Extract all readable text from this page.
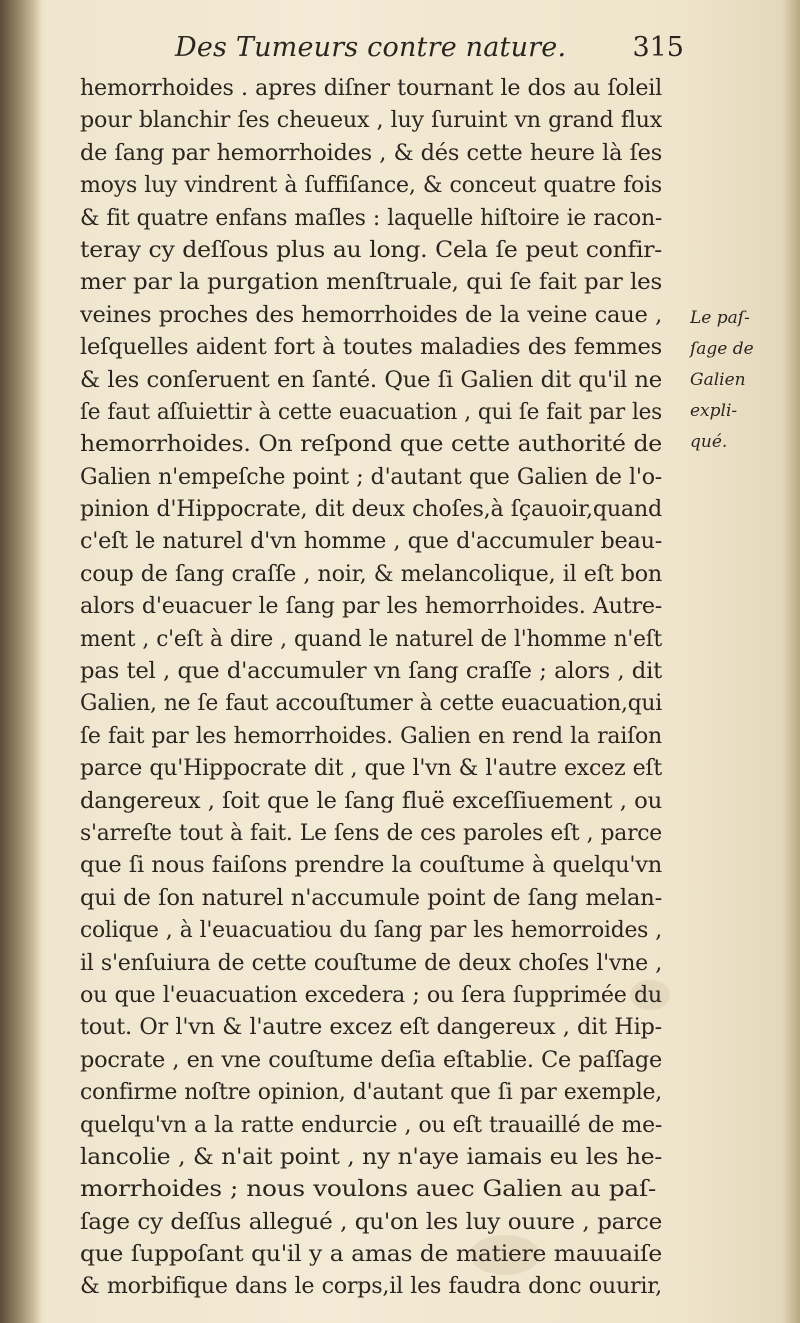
Des Tumeurs contre nature. 315
hemorrhoides . apres diſner tournant le dos au ſoleil
pour blanchir ſes cheueux , luy ſuruint vn grand flux
de ſang par hemorrhoides , & dés cette heure là ſes
moys luy vindrent à ſuffiſance, & conceut quatre fois
& fit quatre enfans maſles : laquelle hiſtoire ie racon-
teray cy deſſous plus au long. Cela ſe peut confir-
mer par la purgation menſtruale, qui ſe fait par les
veines proches des hemorrhoides de la veine caue ,
leſquelles aident fort à toutes maladies des femmes
& les conſeruent en ſanté. Que ſi Galien dit qu'il ne
ſe faut aſſuiettir à cette euacuation , qui ſe fait par les
hemorrhoides. On reſpond que cette authorité de
Galien n'empeſche point ; d'autant que Galien de l'o-
pinion d'Hippocrate, dit deux choſes,à ſçauoir,quand
c'eſt le naturel d'vn homme , que d'accumuler beau-
coup de ſang craſſe , noir, & melancolique, il eſt bon
alors d'euacuer le ſang par les hemorrhoides. Autre-
ment , c'eſt à dire , quand le naturel de l'homme n'eſt
pas tel , que d'accumuler vn ſang craſſe ; alors , dit
Galien, ne ſe faut accouſtumer à cette euacuation,qui
ſe fait par les hemorrhoides. Galien en rend la raiſon
parce qu'Hippocrate dit , que l'vn & l'autre excez eſt
dangereux , ſoit que le ſang fluë exceſſiuement , ou
s'arreſte tout à fait. Le ſens de ces paroles eſt , parce
que ſi nous faiſons prendre la couſtume à quelqu'vn
qui de ſon naturel n'accumule point de ſang melan-
colique , à l'euacuatiou du ſang par les hemorroides ,
il s'enſuiura de cette couſtume de deux choſes l'vne ,
ou que l'euacuation excedera ; ou ſera ſupprimée du
tout. Or l'vn & l'autre excez eſt dangereux , dit Hip-
pocrate , en vne couſtume deſia eſtablie. Ce paſſage
confirme noſtre opinion, d'autant que ſi par exemple,
quelqu'vn a la ratte endurcie , ou eſt trauaillé de me-
lancolie , & n'ait point , ny n'aye iamais eu les he-
morrhoides ; nous voulons auec Galien au paſ-
ſage cy deſſus allegué , qu'on les luy ouure , parce
que ſuppoſant qu'il y a amas de matiere mauuaiſe
& morbifique dans le corps,il les faudra donc ouurir,
Le paſ-
ſage de
Galien
expli-
qué.
